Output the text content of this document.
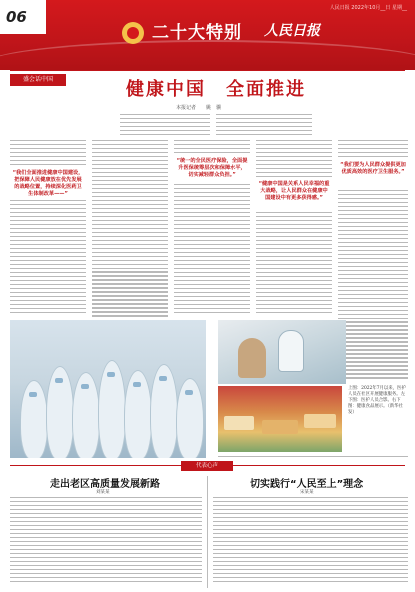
06	人民日报 2022年10月__日 星期__
二十大特别 人民日报
盛会话中国	健康中国　全面推进
本报记者　　姚　骥
“我们全面推进健康中国建设，把保障人民健康放在优先发展的战略位置，持续深化医药卫生体制改革——”
“统一的全民医疗保险，全面提升医保统筹层次和保障水平，切实减轻群众负担。”
“健康中国是关系人民幸福的重大战略，让人民群众在健康中国建设中有更多获得感。”
“我们要为人民群众提供更加优质高效的医疗卫生服务。”
上图：2022年7月以来，医护人员在社区开展健康服务。左下图：医护人员合影。右下图：健康食品展示。（新华社发）
代表心声
走出老区高质量发展新路
刘某某
切实践行“人民至上”理念
宋某某
